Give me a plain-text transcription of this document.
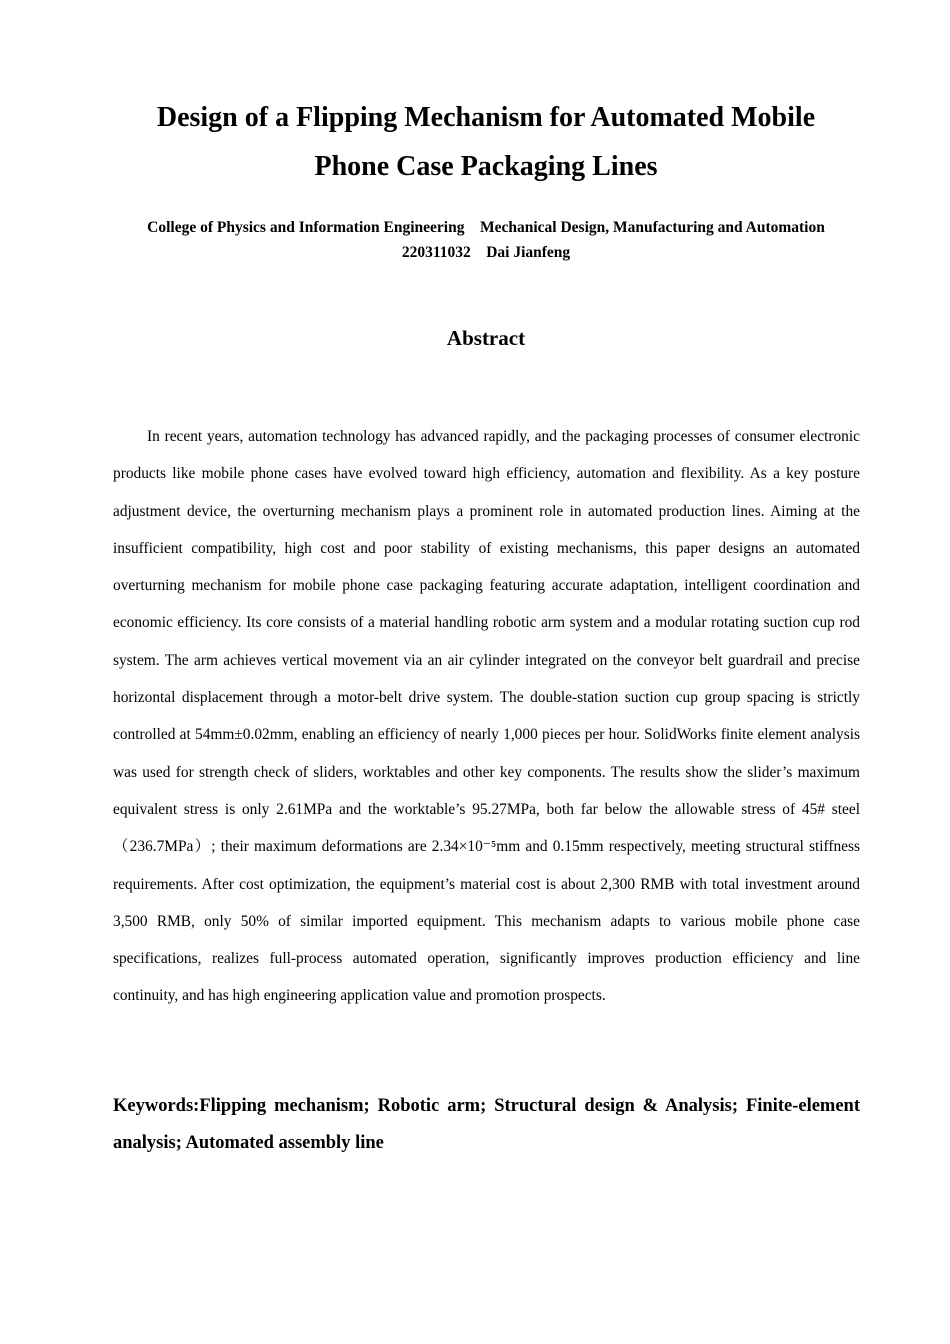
Design of a Flipping Mechanism for Automated Mobile
Phone Case Packaging Lines
College of Physics and Information Engineering    Mechanical Design, Manufacturing and Automation
220311032    Dai Jianfeng
Abstract

In recent years, automation technology has advanced rapidly, and the packaging processes of consumer electronic products like mobile phone cases have evolved toward high efficiency, automation and flexibility. As a key posture adjustment device, the overturning mechanism plays a prominent role in automated production lines. Aiming at the insufficient compatibility, high cost and poor stability of existing mechanisms, this paper designs an automated overturning mechanism for mobile phone case packaging featuring accurate adaptation, intelligent coordination and economic efficiency. Its core consists of a material handling robotic arm system and a modular rotating suction cup rod system. The arm achieves vertical movement via an air cylinder integrated on the conveyor belt guardrail and precise horizontal displacement through a motor-belt drive system. The double-station suction cup group spacing is strictly controlled at 54mm±0.02mm, enabling an efficiency of nearly 1,000 pieces per hour. SolidWorks finite element analysis was used for strength check of sliders, worktables and other key components. The results show the slider’s maximum equivalent stress is only 2.61MPa and the worktable’s 95.27MPa, both far below the allowable stress of 45# steel （236.7MPa）; their maximum deformations are 2.34×10⁻⁵mm and 0.15mm respectively, meeting structural stiffness requirements. After cost optimization, the equipment’s material cost is about 2,300 RMB with total investment around 3,500 RMB, only 50% of similar imported equipment. This mechanism adapts to various mobile phone case specifications, realizes full-process automated operation, significantly improves production efficiency and line continuity, and has high engineering application value and promotion prospects.

Keywords:Flipping mechanism; Robotic arm; Structural design & Analysis; Finite-element analysis; Automated assembly line
